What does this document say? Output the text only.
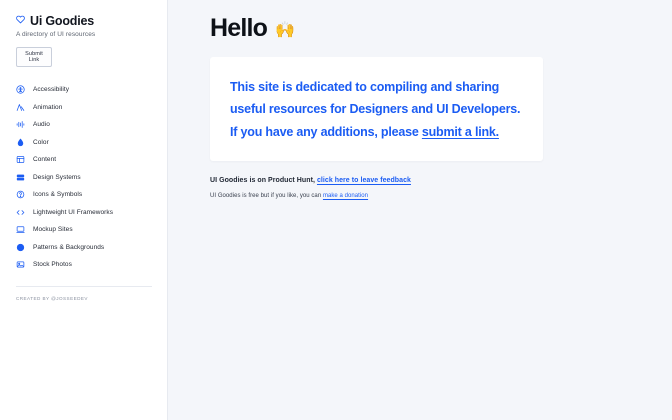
Ui Goodies
A directory of UI resources
Submit Link
Accessibility
Animation
Audio
Color
Content
Design Systems
Icons & Symbols
Lightweight UI Frameworks
Mockup Sites
Patterns & Backgrounds
Stock Photos
CREATED BY @JOSSEEDEV
Hello 🙌

This site is dedicated to compiling and sharing useful resources for Designers and UI Developers. If you have any additions, please submit a link.

UI Goodies is on Product Hunt, click here to leave feedback

UI Goodies is free but if you like, you can make a donation
